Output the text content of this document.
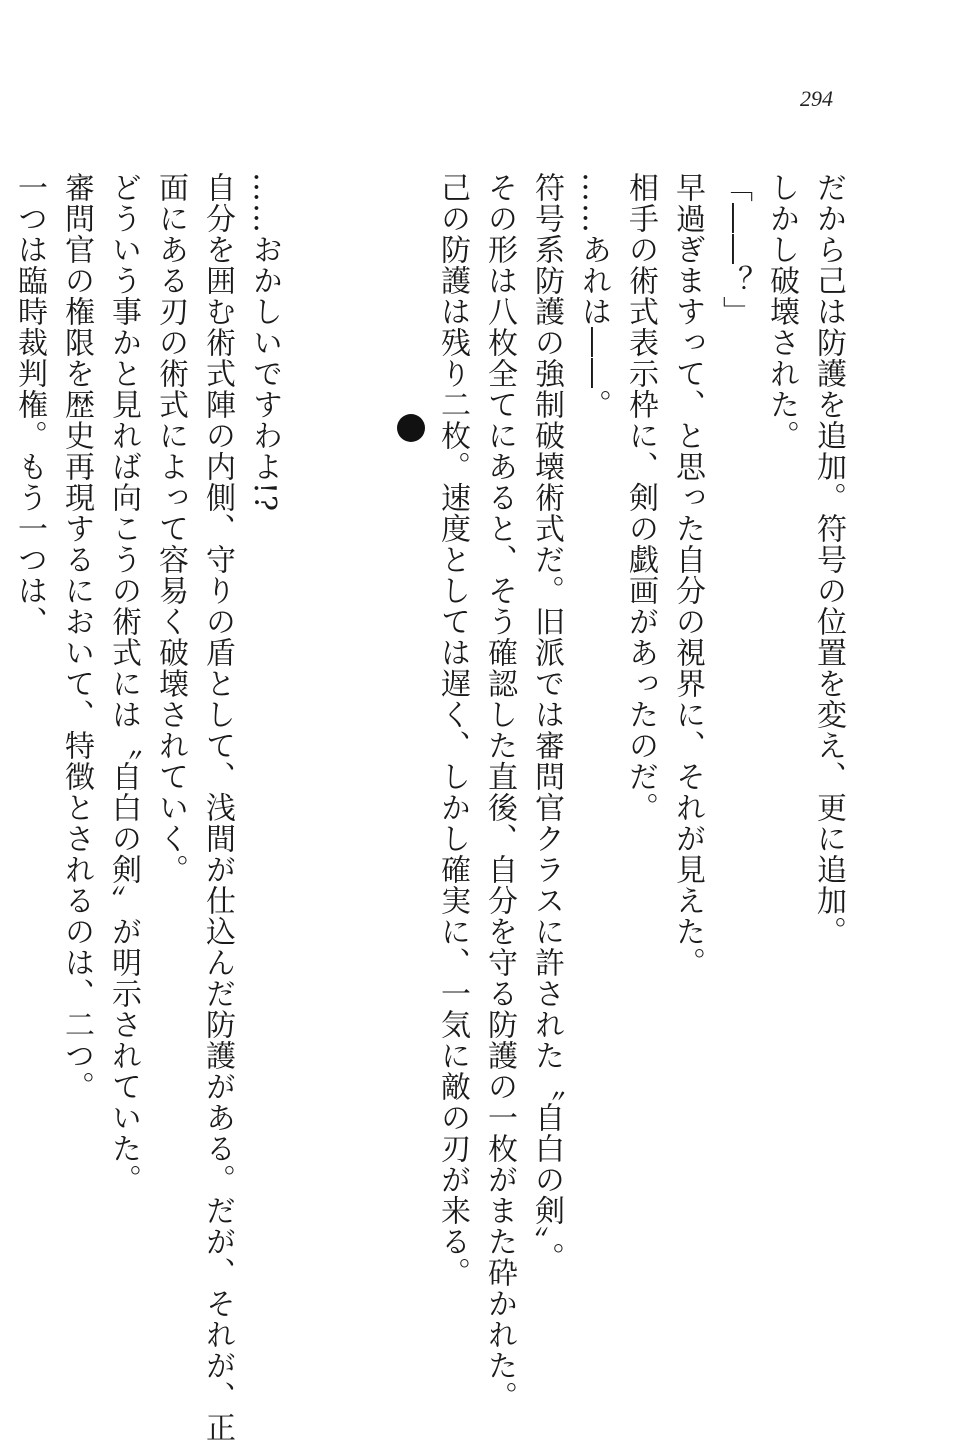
294
だから己は防護を追加。符号の位置を変え、更に追加。
しかし破壊された。
「――？」
早過ぎますって、と思った自分の視界に、それが見えた。
相手の術式表示枠に、剣の戯画があったのだ。
……あれは――。
符号系防護の強制破壊術式だ。旧派では審問官クラスに許された〝自白の剣〟。
その形は八枚全てにあると、そう確認した直後、自分を守る防護の一枚がまた砕かれた。
己の防護は残り二枚。速度としては遅く、しかし確実に、一気に敵の刃が来る。
……おかしいですわよ!?
自分を囲む術式陣の内側、守りの盾として、浅間が仕込んだ防護がある。だが、それが、正
面にある刃の術式によって容易く破壊されていく。
どういう事かと見れば向こうの術式には〝自白の剣〟が明示されていた。
審問官の権限を歴史再現するにおいて、特徴とされるのは、二つ。
一つは臨時裁判権。もう一つは、
